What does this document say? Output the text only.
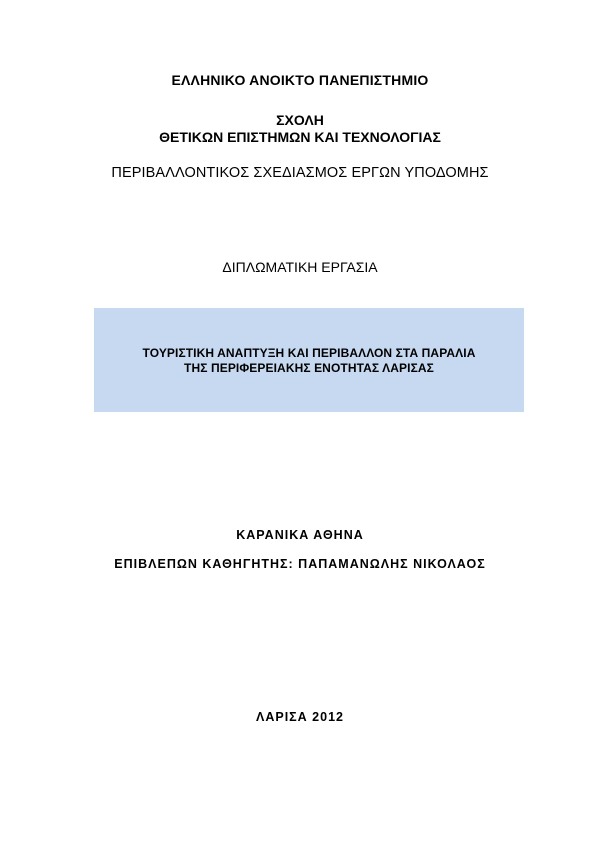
ΕΛΛΗΝΙΚΟ ΑΝΟΙΚΤΟ ΠΑΝΕΠΙΣΤΗΜΙΟ
ΣΧΟΛΗ
ΘΕΤΙΚΩΝ ΕΠΙΣΤΗΜΩΝ ΚΑΙ ΤΕΧΝΟΛΟΓΙΑΣ
ΠΕΡΙΒΑΛΛΟΝΤΙΚΟΣ ΣΧΕΔΙΑΣΜΟΣ ΕΡΓΩΝ ΥΠΟΔΟΜΗΣ
ΔΙΠΛΩΜΑΤΙΚΗ ΕΡΓΑΣΙΑ
ΤΟΥΡΙΣΤΙΚΗ ΑΝΑΠΤΥΞΗ ΚΑΙ ΠΕΡΙΒΑΛΛΟΝ ΣΤΑ ΠΑΡΑΛΙΑ
ΤΗΣ ΠΕΡΙΦΕΡΕΙΑΚΗΣ ΕΝΟΤΗΤΑΣ ΛΑΡΙΣΑΣ
ΚΑΡΑΝΙΚΑ ΑΘΗΝΑ
ΕΠΙΒΛΕΠΩΝ ΚΑΘΗΓΗΤΗΣ: ΠΑΠΑΜΑΝΩΛΗΣ ΝΙΚΟΛΑΟΣ
ΛΑΡΙΣΑ 2012
